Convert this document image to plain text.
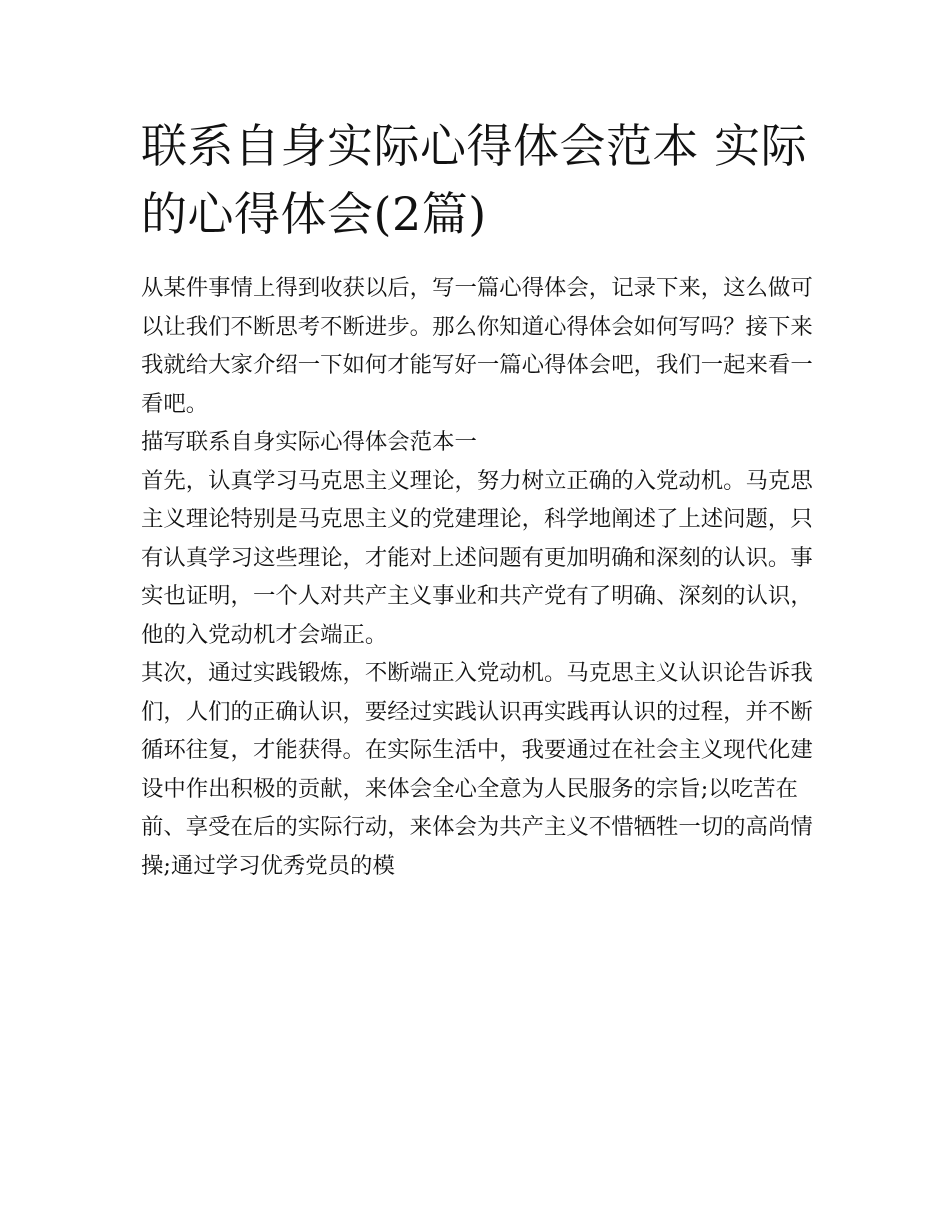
联系自身实际心得体会范本 实际的心得体会(2篇)

从某件事情上得到收获以后，写一篇心得体会，记录下来，这么做可以让我们不断思考不断进步。那么你知道心得体会如何写吗？接下来我就给大家介绍一下如何才能写好一篇心得体会吧，我们一起来看一看吧。

描写联系自身实际心得体会范本一

首先，认真学习马克思主义理论，努力树立正确的入党动机。马克思主义理论特别是马克思主义的党建理论，科学地阐述了上述问题，只有认真学习这些理论，才能对上述问题有更加明确和深刻的认识。事实也证明，一个人对共产主义事业和共产党有了明确、深刻的认识，他的入党动机才会端正。

其次，通过实践锻炼，不断端正入党动机。马克思主义认识论告诉我们，人们的正确认识，要经过实践认识再实践再认识的过程，并不断循环往复，才能获得。在实际生活中，我要通过在社会主义现代化建设中作出积极的贡献，来体会全心全意为人民服务的宗旨;以吃苦在前、享受在后的实际行动，来体会为共产主义不惜牺牲一切的高尚情操;通过学习优秀党员的模
